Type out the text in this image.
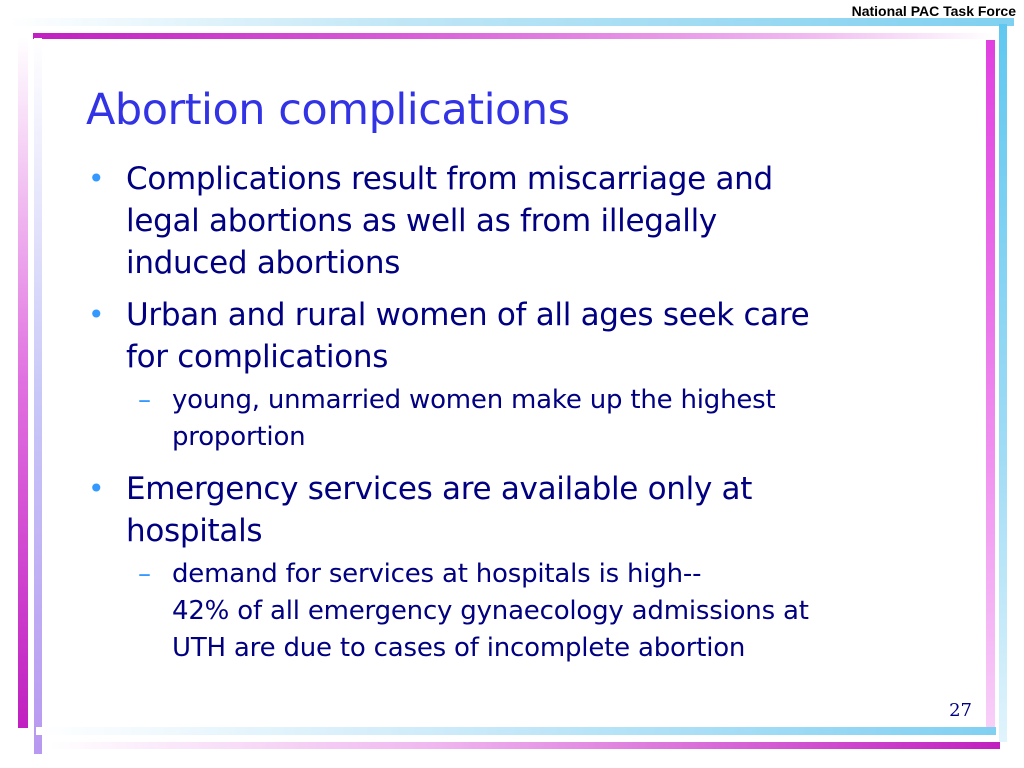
National PAC Task Force
Abortion complications
• Complications result from miscarriage and
legal abortions as well as from illegally
induced abortions
• Urban and rural women of all ages seek care
for complications
– young, unmarried women make up the highest
proportion
• Emergency services are available only at
hospitals
– demand for services at hospitals is high--
42% of all emergency gynaecology admissions at
UTH are due to cases of incomplete abortion
27
